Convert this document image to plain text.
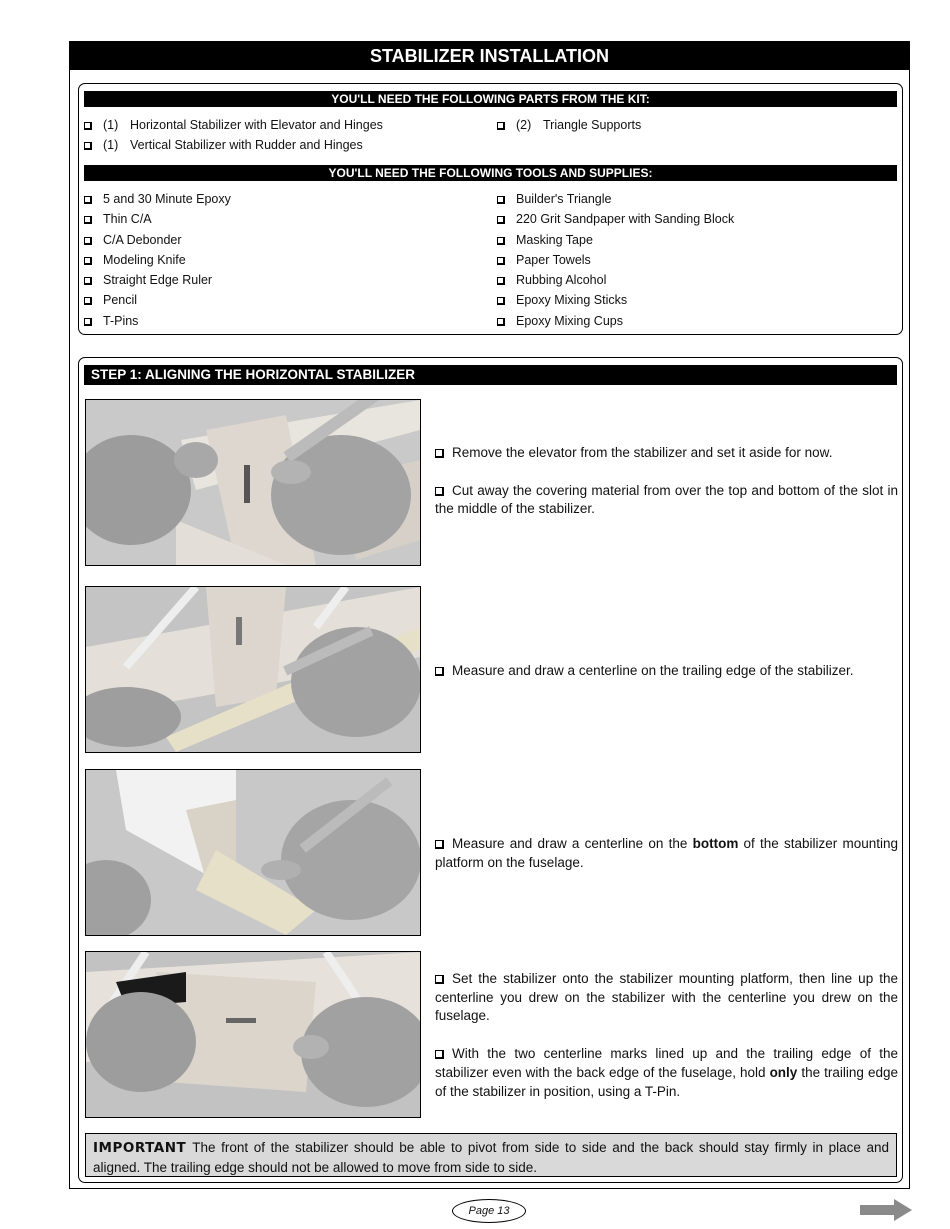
STABILIZER INSTALLATION
YOU'LL NEED THE FOLLOWING PARTS FROM THE KIT:
(1) Horizontal Stabilizer with Elevator and Hinges
(1) Vertical Stabilizer with Rudder and Hinges
(2) Triangle Supports
YOU'LL NEED THE FOLLOWING TOOLS AND SUPPLIES:
5 and 30 Minute Epoxy
Thin C/A
C/A Debonder
Modeling Knife
Straight Edge Ruler
Pencil
T-Pins
Builder's Triangle
220 Grit Sandpaper with Sanding Block
Masking Tape
Paper Towels
Rubbing Alcohol
Epoxy Mixing Sticks
Epoxy Mixing Cups
STEP 1: ALIGNING THE HORIZONTAL STABILIZER

Remove the elevator from the stabilizer and set it aside for now.

Cut away the covering material from over the top and bottom of the slot in the middle of the stabilizer.

Measure and draw a centerline on the trailing edge of the stabilizer.

Measure and draw a centerline on the bottom of the stabilizer mounting platform on the fuselage.

Set the stabilizer onto the stabilizer mounting platform, then line up the centerline you drew on the stabilizer with the centerline you drew on the fuselage.

With the two centerline marks lined up and the trailing edge of the stabilizer even with the back edge of the fuselage, hold only the trailing edge of the stabilizer in position, using a T-Pin.

IMPORTANT The front of the stabilizer should be able to pivot from side to side and the back should stay firmly in place and aligned. The trailing edge should not be allowed to move from side to side.
Page 13
